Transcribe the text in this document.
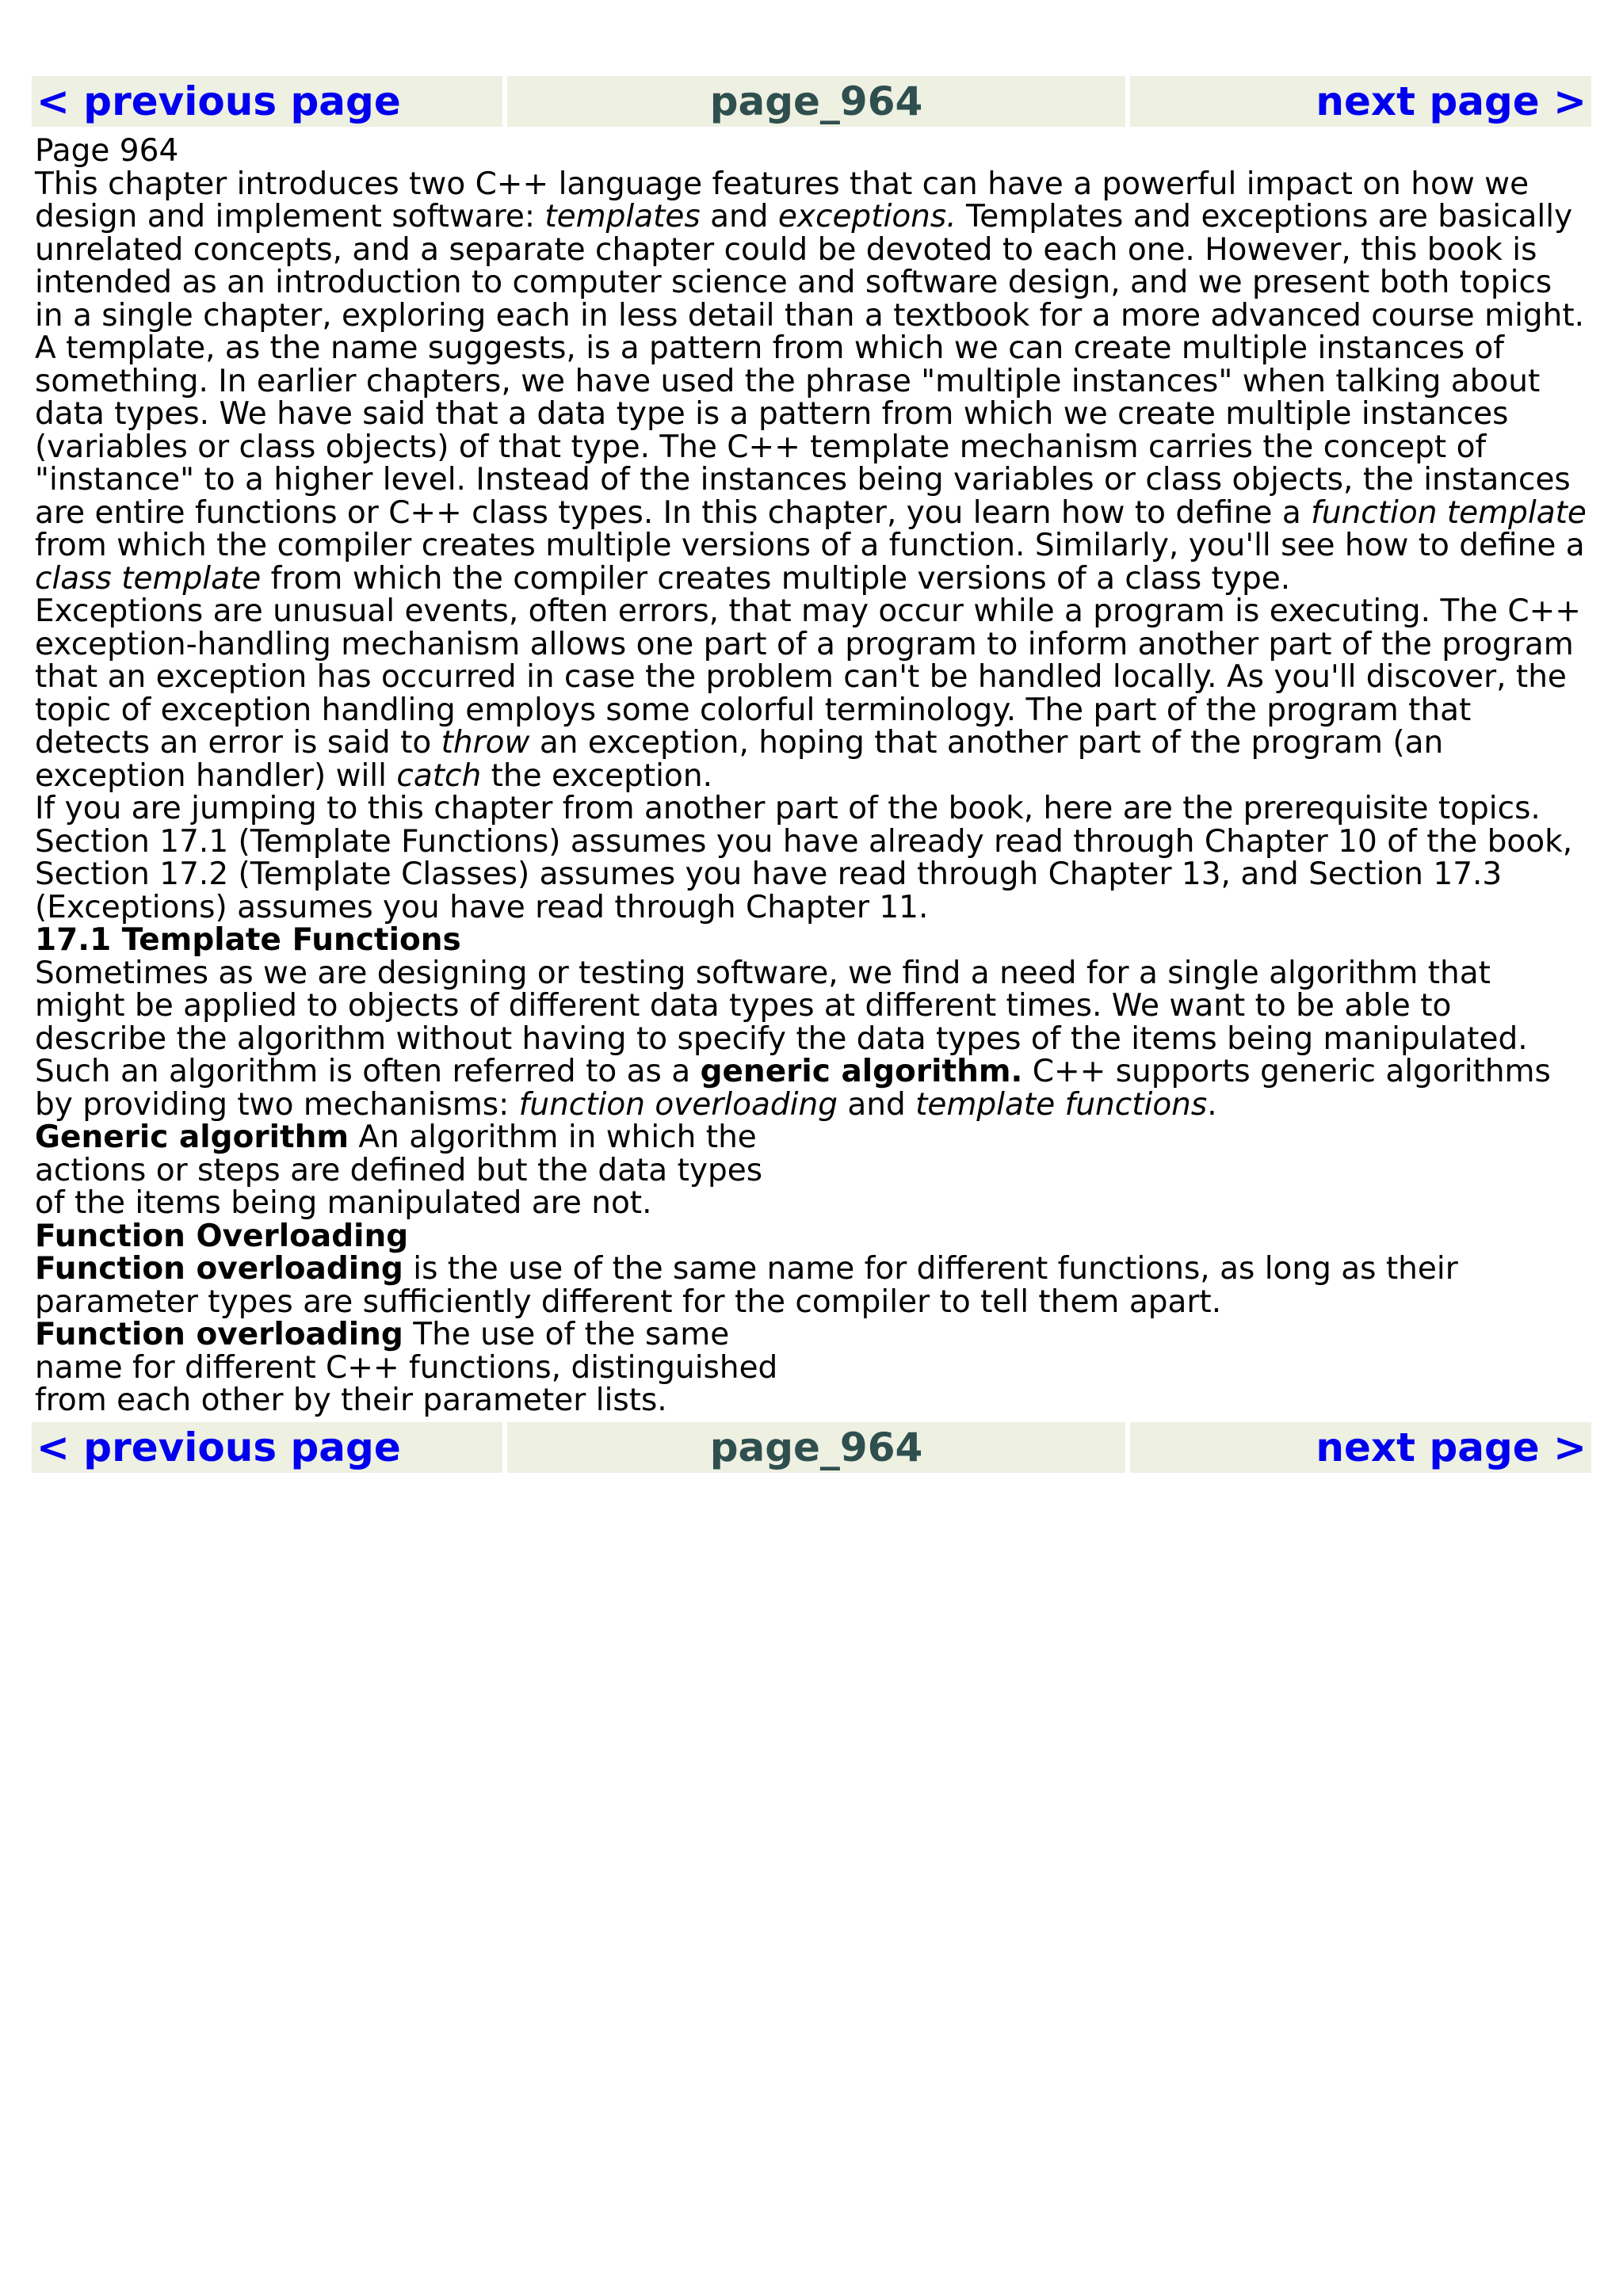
< previous page	page_964	next page >

Page 964

This chapter introduces two C++ language features that can have a powerful impact on how we design and implement software: templates and exceptions. Templates and exceptions are basically unrelated concepts, and a separate chapter could be devoted to each one. However, this book is intended as an introduction to computer science and software design, and we present both topics in a single chapter, exploring each in less detail than a textbook for a more advanced course might.

A template, as the name suggests, is a pattern from which we can create multiple instances of something. In earlier chapters, we have used the phrase "multiple instances" when talking about data types. We have said that a data type is a pattern from which we create multiple instances (variables or class objects) of that type. The C++ template mechanism carries the concept of "instance" to a higher level. Instead of the instances being variables or class objects, the instances are entire functions or C++ class types. In this chapter, you learn how to define a function template from which the compiler creates multiple versions of a function. Similarly, you'll see how to define a class template from which the compiler creates multiple versions of a class type.

Exceptions are unusual events, often errors, that may occur while a program is executing. The C++ exception-handling mechanism allows one part of a program to inform another part of the program that an exception has occurred in case the problem can't be handled locally. As you'll discover, the topic of exception handling employs some colorful terminology. The part of the program that detects an error is said to throw an exception, hoping that another part of the program (an exception handler) will catch the exception.

If you are jumping to this chapter from another part of the book, here are the prerequisite topics. Section 17.1 (Template Functions) assumes you have already read through Chapter 10 of the book, Section 17.2 (Template Classes) assumes you have read through Chapter 13, and Section 17.3 (Exceptions) assumes you have read through Chapter 11.

17.1 Template Functions

Sometimes as we are designing or testing software, we find a need for a single algorithm that might be applied to objects of different data types at different times. We want to be able to describe the algorithm without having to specify the data types of the items being manipulated. Such an algorithm is often referred to as a generic algorithm. C++ supports generic algorithms by providing two mechanisms: function overloading and template functions.

Generic algorithm An algorithm in which the actions or steps are defined but the data types of the items being manipulated are not.

Function Overloading

Function overloading is the use of the same name for different functions, as long as their parameter types are sufficiently different for the compiler to tell them apart.

Function overloading The use of the same name for different C++ functions, distinguished from each other by their parameter lists.

< previous page	page_964	next page >
